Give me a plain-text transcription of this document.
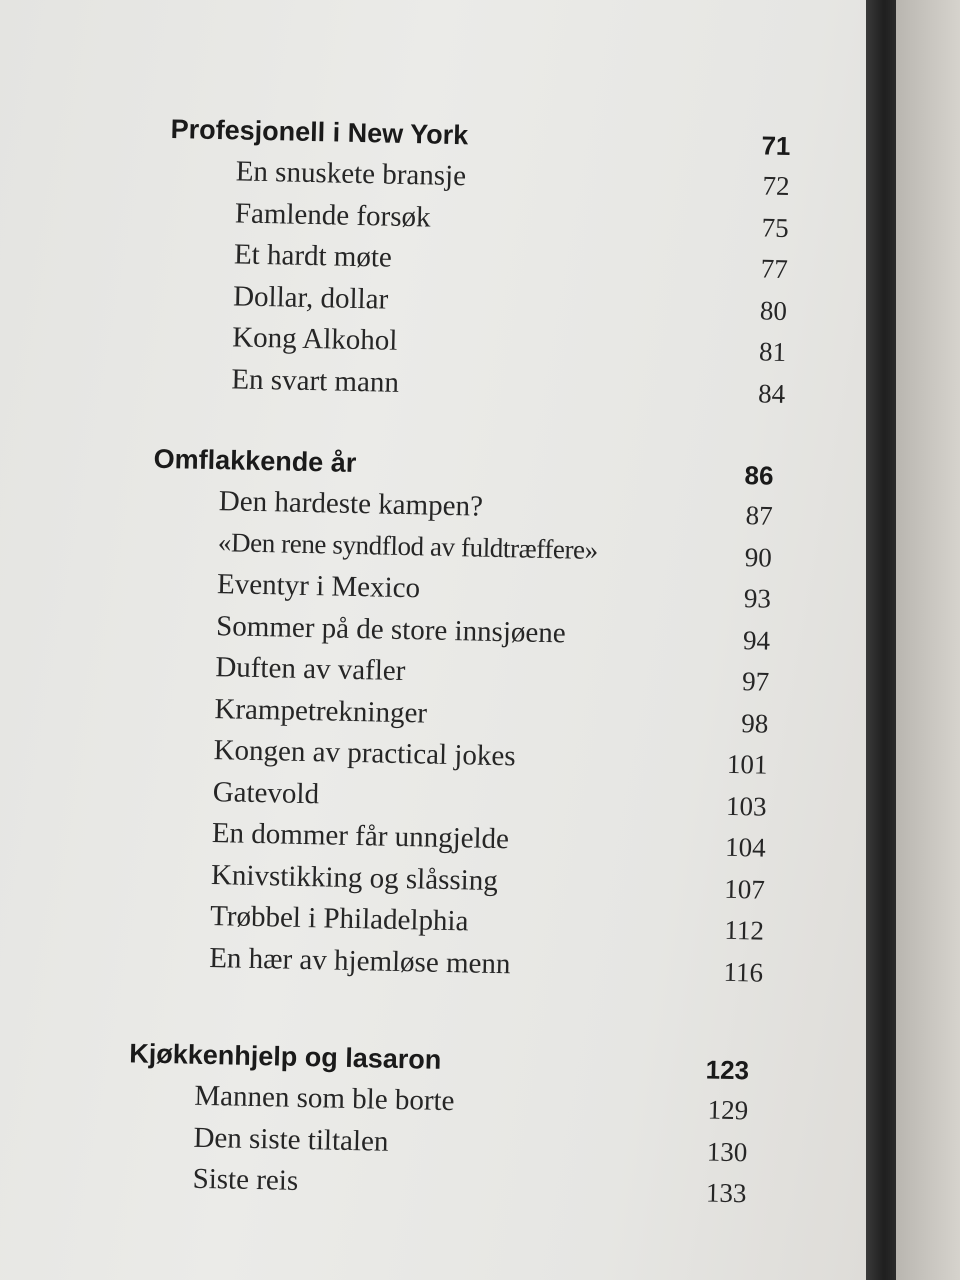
Profesjonell i New York	71
En snuskete bransje	72
Famlende forsøk	75
Et hardt møte	77
Dollar, dollar	80
Kong Alkohol	81
En svart mann	84
Omflakkende år	86
Den hardeste kampen?	87
«Den rene syndflod av fuldtræffere»	90
Eventyr i Mexico	93
Sommer på de store innsjøene	94
Duften av vafler	97
Krampetrekninger	98
Kongen av practical jokes	101
Gatevold	103
En dommer får unngjelde	104
Knivstikking og slåssing	107
Trøbbel i Philadelphia	112
En hær av hjemløse menn	116
Kjøkkenhjelp og lasaron	123
Mannen som ble borte	129
Den siste tiltalen	130
Siste reis	133
